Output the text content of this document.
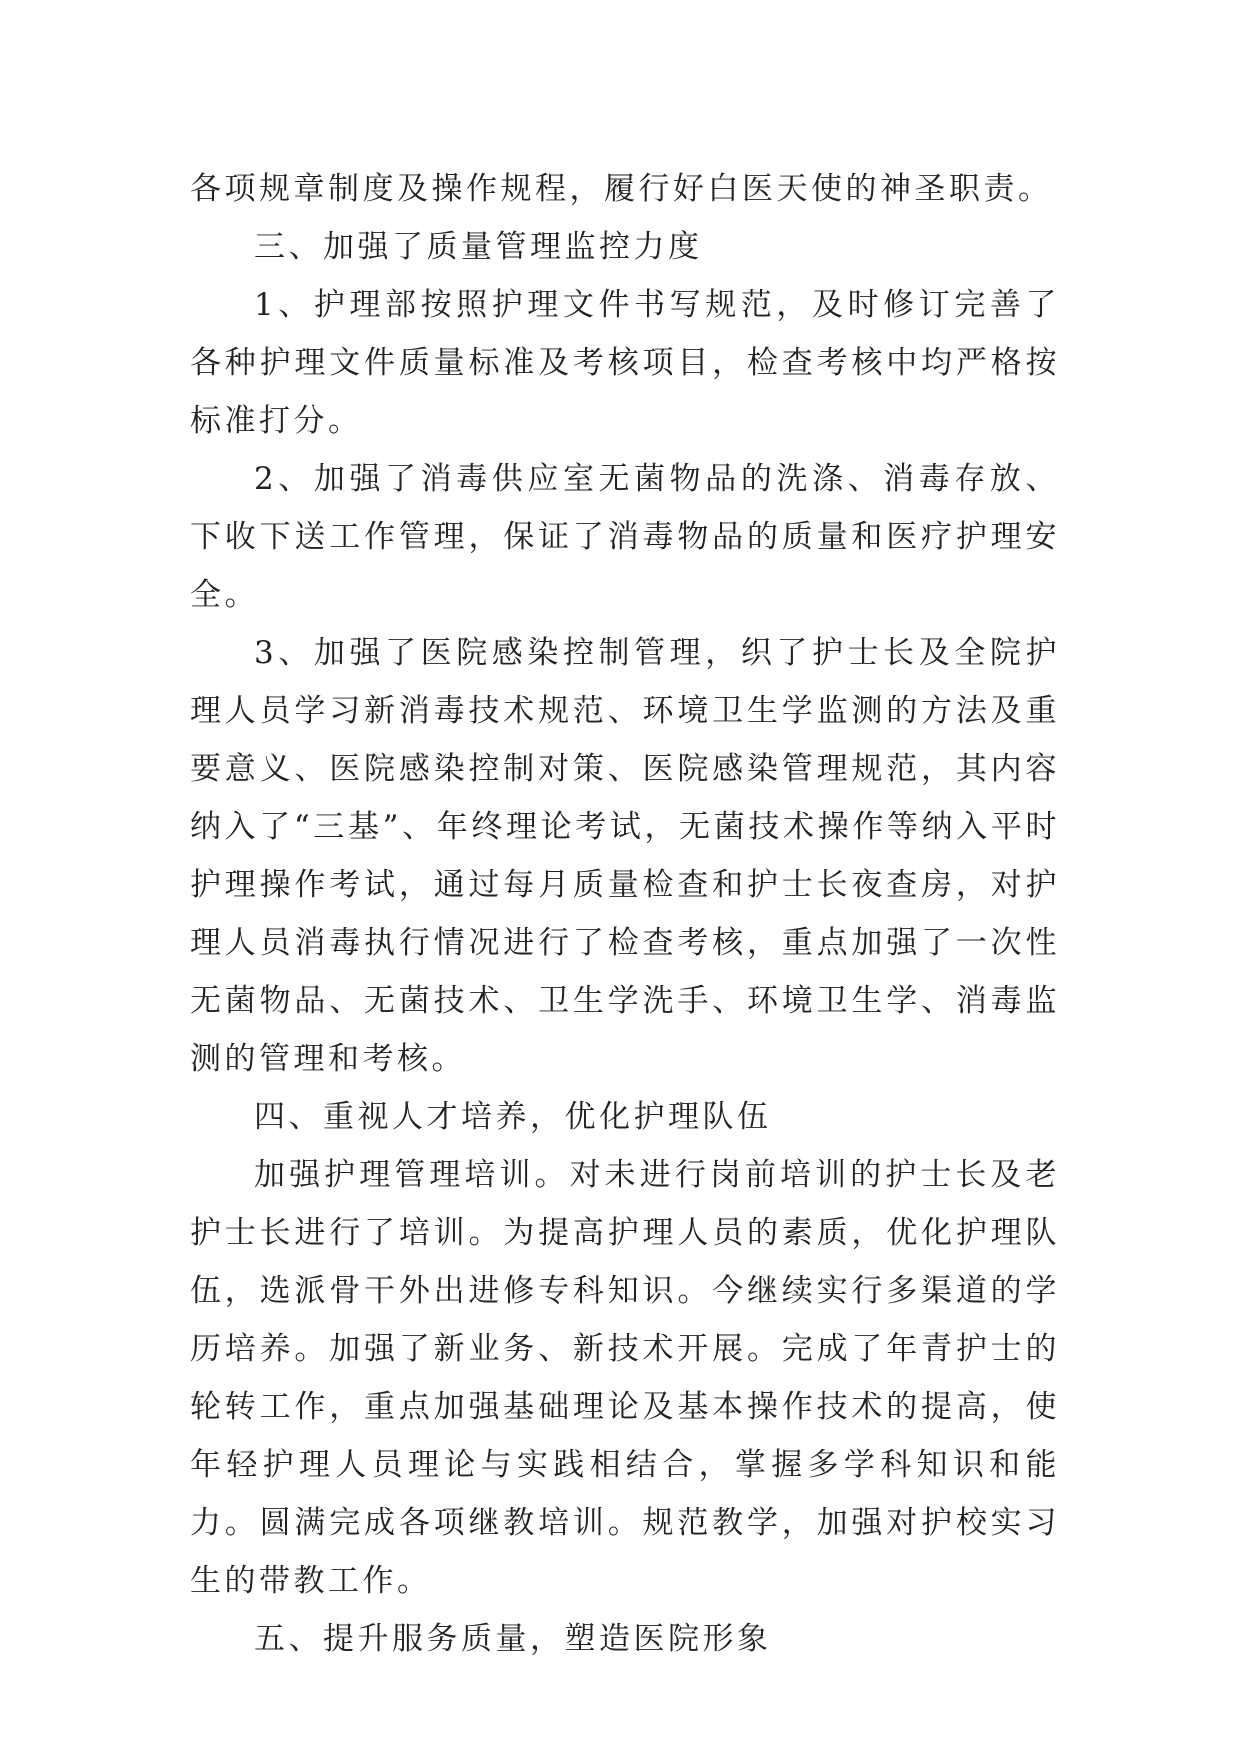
各项规章制度及操作规程，履行好白医天使的神圣职责。

三、加强了质量管理监控力度

1、护理部按照护理文件书写规范，及时修订完善了各种护理文件质量标准及考核项目，检查考核中均严格按标准打分。

2、加强了消毒供应室无菌物品的洗涤、消毒存放、下收下送工作管理，保证了消毒物品的质量和医疗护理安全。

3、加强了医院感染控制管理，织了护士长及全院护理人员学习新消毒技术规范、环境卫生学监测的方法及重要意义、医院感染控制对策、医院感染管理规范，其内容纳入了“三基”、年终理论考试，无菌技术操作等纳入平时护理操作考试，通过每月质量检查和护士长夜查房，对护理人员消毒执行情况进行了检查考核，重点加强了一次性无菌物品、无菌技术、卫生学洗手、环境卫生学、消毒监测的管理和考核。

四、重视人才培养，优化护理队伍

加强护理管理培训。对未进行岗前培训的护士长及老护士长进行了培训。为提高护理人员的素质，优化护理队伍，选派骨干外出进修专科知识。今继续实行多渠道的学历培养。加强了新业务、新技术开展。完成了年青护士的轮转工作，重点加强基础理论及基本操作技术的提高，使年轻护理人员理论与实践相结合，掌握多学科知识和能力。圆满完成各项继教培训。规范教学，加强对护校实习生的带教工作。

五、提升服务质量，塑造医院形象
